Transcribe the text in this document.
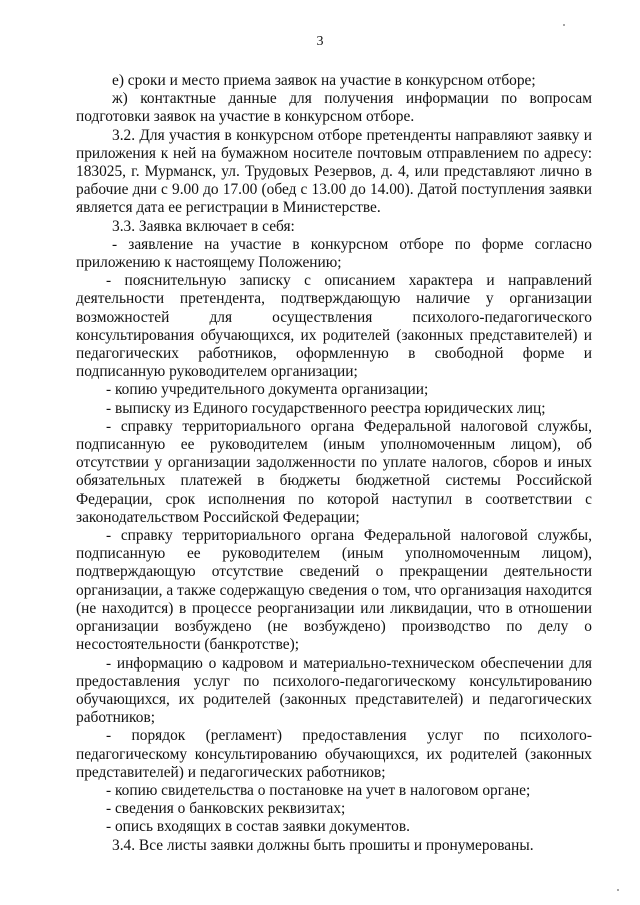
3

е) сроки и место приема заявок на участие в конкурсном отборе;

ж) контактные данные для получения информации по вопросам подготовки заявок на участие в конкурсном отборе.

3.2. Для участия в конкурсном отборе претенденты направляют заявку и приложения к ней на бумажном носителе почтовым отправлением по адресу: 183025, г. Мурманск, ул. Трудовых Резервов, д. 4, или представляют лично в рабочие дни с 9.00 до 17.00 (обед с 13.00 до 14.00). Датой поступления заявки является дата ее регистрации в Министерстве.

3.3. Заявка включает в себя:

- заявление на участие в конкурсном отборе по форме согласно приложению к настоящему Положению;

- пояснительную записку с описанием характера и направлений деятельности претендента, подтверждающую наличие у организации возможностей для осуществления психолого-педагогического консультирования обучающихся, их родителей (законных представителей) и педагогических работников, оформленную в свободной форме и подписанную руководителем организации;

- копию учредительного документа организации;

- выписку из Единого государственного реестра юридических лиц;

- справку территориального органа Федеральной налоговой службы, подписанную ее руководителем (иным уполномоченным лицом), об отсутствии у организации задолженности по уплате налогов, сборов и иных обязательных платежей в бюджеты бюджетной системы Российской Федерации, срок исполнения по которой наступил в соответствии с законодательством Российской Федерации;

- справку территориального органа Федеральной налоговой службы, подписанную ее руководителем (иным уполномоченным лицом), подтверждающую отсутствие сведений о прекращении деятельности организации, а также содержащую сведения о том, что организация находится (не находится) в процессе реорганизации или ликвидации, что в отношении организации возбуждено (не возбуждено) производство по делу о несостоятельности (банкротстве);

- информацию о кадровом и материально-техническом обеспечении для предоставления услуг по психолого-педагогическому консультированию обучающихся, их родителей (законных представителей) и педагогических работников;

- порядок (регламент) предоставления услуг по психолого-педагогическому консультированию обучающихся, их родителей (законных представителей) и педагогических работников;

- копию свидетельства о постановке на учет в налоговом органе;

- сведения о банковских реквизитах;

- опись входящих в состав заявки документов.

3.4. Все листы заявки должны быть прошиты и пронумерованы.
